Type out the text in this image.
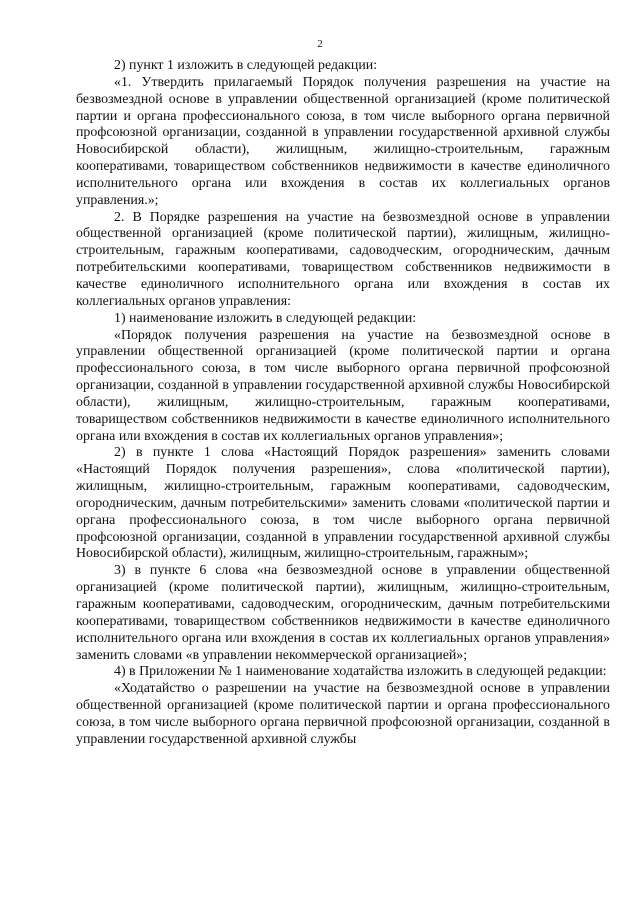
2

2) пункт 1 изложить в следующей редакции:

«1. Утвердить прилагаемый Порядок получения разрешения на участие на безвозмездной основе в управлении общественной организацией (кроме политической партии и органа профессионального союза, в том числе выборного органа первичной профсоюзной организации, созданной в управлении государственной архивной службы Новосибирской области), жилищным, жилищно-строительным, гаражным кооперативами, товариществом собственников недвижимости в качестве единоличного исполнительного органа или вхождения в состав их коллегиальных органов управления.»;

2. В Порядке разрешения на участие на безвозмездной основе в управлении общественной организацией (кроме политической партии), жилищным, жилищно-строительным, гаражным кооперативами, садоводческим, огородническим, дачным потребительскими кооперативами, товариществом собственников недвижимости в качестве единоличного исполнительного органа или вхождения в состав их коллегиальных органов управления:

1) наименование изложить в следующей редакции:

«Порядок получения разрешения на участие на безвозмездной основе в управлении общественной организацией (кроме политической партии и органа профессионального союза, в том числе выборного органа первичной профсоюзной организации, созданной в управлении государственной архивной службы Новосибирской области), жилищным, жилищно-строительным, гаражным кооперативами, товариществом собственников недвижимости в качестве единоличного исполнительного органа или вхождения в состав их коллегиальных органов управления»;

2) в пункте 1 слова «Настоящий Порядок разрешения» заменить словами «Настоящий Порядок получения разрешения», слова «политической партии), жилищным, жилищно-строительным, гаражным кооперативами, садоводческим, огородническим, дачным потребительскими» заменить словами «политической партии и органа профессионального союза, в том числе выборного органа первичной профсоюзной организации, созданной в управлении государственной архивной службы Новосибирской области), жилищным, жилищно-строительным, гаражным»;

3) в пункте 6 слова «на безвозмездной основе в управлении общественной организацией (кроме политической партии), жилищным, жилищно-строительным, гаражным кооперативами, садоводческим, огородническим, дачным потребительскими кооперативами, товариществом собственников недвижимости в качестве единоличного исполнительного органа или вхождения в состав их коллегиальных органов управления» заменить словами «в управлении некоммерческой организацией»;

4) в Приложении № 1 наименование ходатайства изложить в следующей редакции:

«Ходатайство о разрешении на участие на безвозмездной основе в управлении общественной организацией (кроме политической партии и органа профессионального союза, в том числе выборного органа первичной профсоюзной организации, созданной в управлении государственной архивной службы
